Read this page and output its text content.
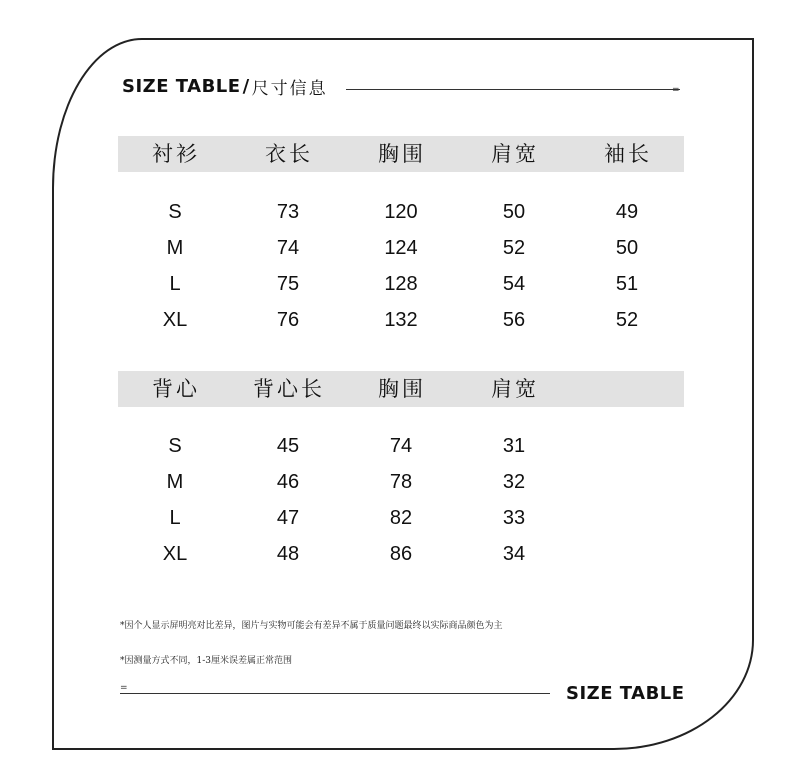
SIZE TABLE / 尺寸信息	=
衬衫	衣长	胸围	肩宽	袖长
S	73	120	50	49
M	74	124	52	50
L	75	128	54	51
XL	76	132	56	52
背心	背心长	胸围	肩宽
S	45	74	31
M	46	78	32
L	47	82	33
XL	48	86	34
*因个人显示屏明亮对比差异，图片与实物可能会有差异不属于质量问题最终以实际商品颜色为主
*因测量方式不同，1-3厘米误差属正常范围
=	SIZE TABLE
